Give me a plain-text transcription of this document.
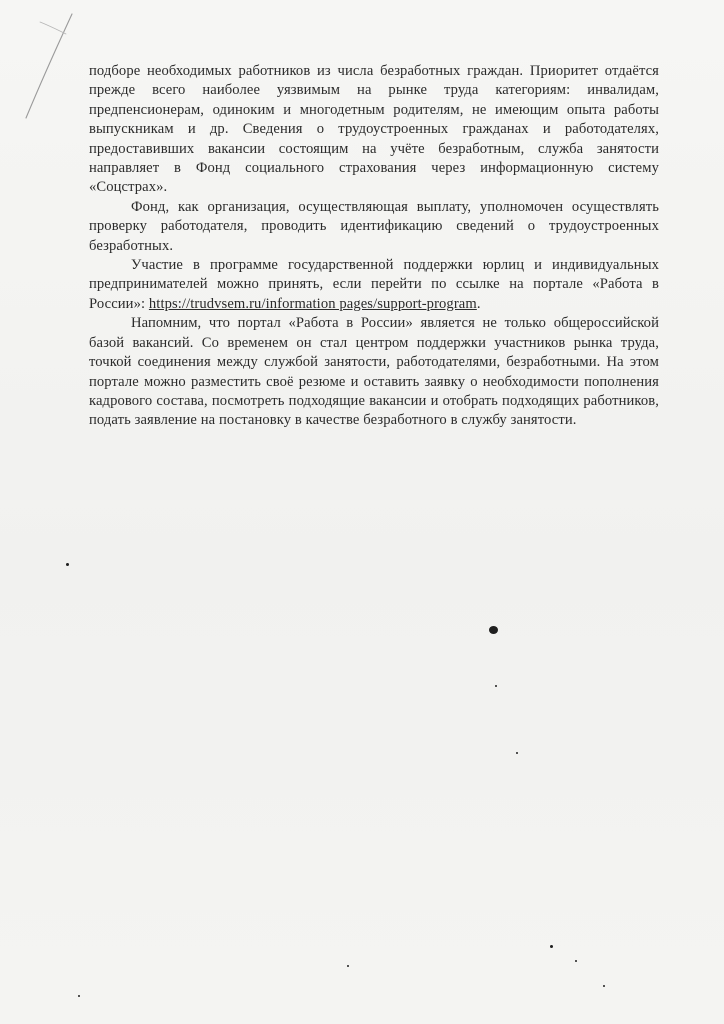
подборе необходимых работников из числа безработных граждан. Приоритет отдаётся прежде всего наиболее уязвимым на рынке труда категориям: инвалидам, предпенсионерам, одиноким и многодетным родителям, не имеющим опыта работы выпускникам и др. Сведения о трудоустроенных гражданах и работодателях, предоставивших вакансии состоящим на учёте безработным, служба занятости направляет в Фонд социального страхования через информационную систему «Соцстрах».

Фонд, как организация, осуществляющая выплату, уполномочен осуществлять проверку работодателя, проводить идентификацию сведений о трудоустроенных безработных.

Участие в программе государственной поддержки юрлиц и индивидуальных предпринимателей можно принять, если перейти по ссылке на портале «Работа в России»: https://trudvsem.ru/information pages/support-program.

Напомним, что портал «Работа в России» является не только общероссийской базой вакансий. Со временем он стал центром поддержки участников рынка труда, точкой соединения между службой занятости, работодателями, безработными. На этом портале можно разместить своё резюме и оставить заявку о необходимости пополнения кадрового состава, посмотреть подходящие вакансии и отобрать подходящих работников, подать заявление на постановку в качестве безработного в службу занятости.
